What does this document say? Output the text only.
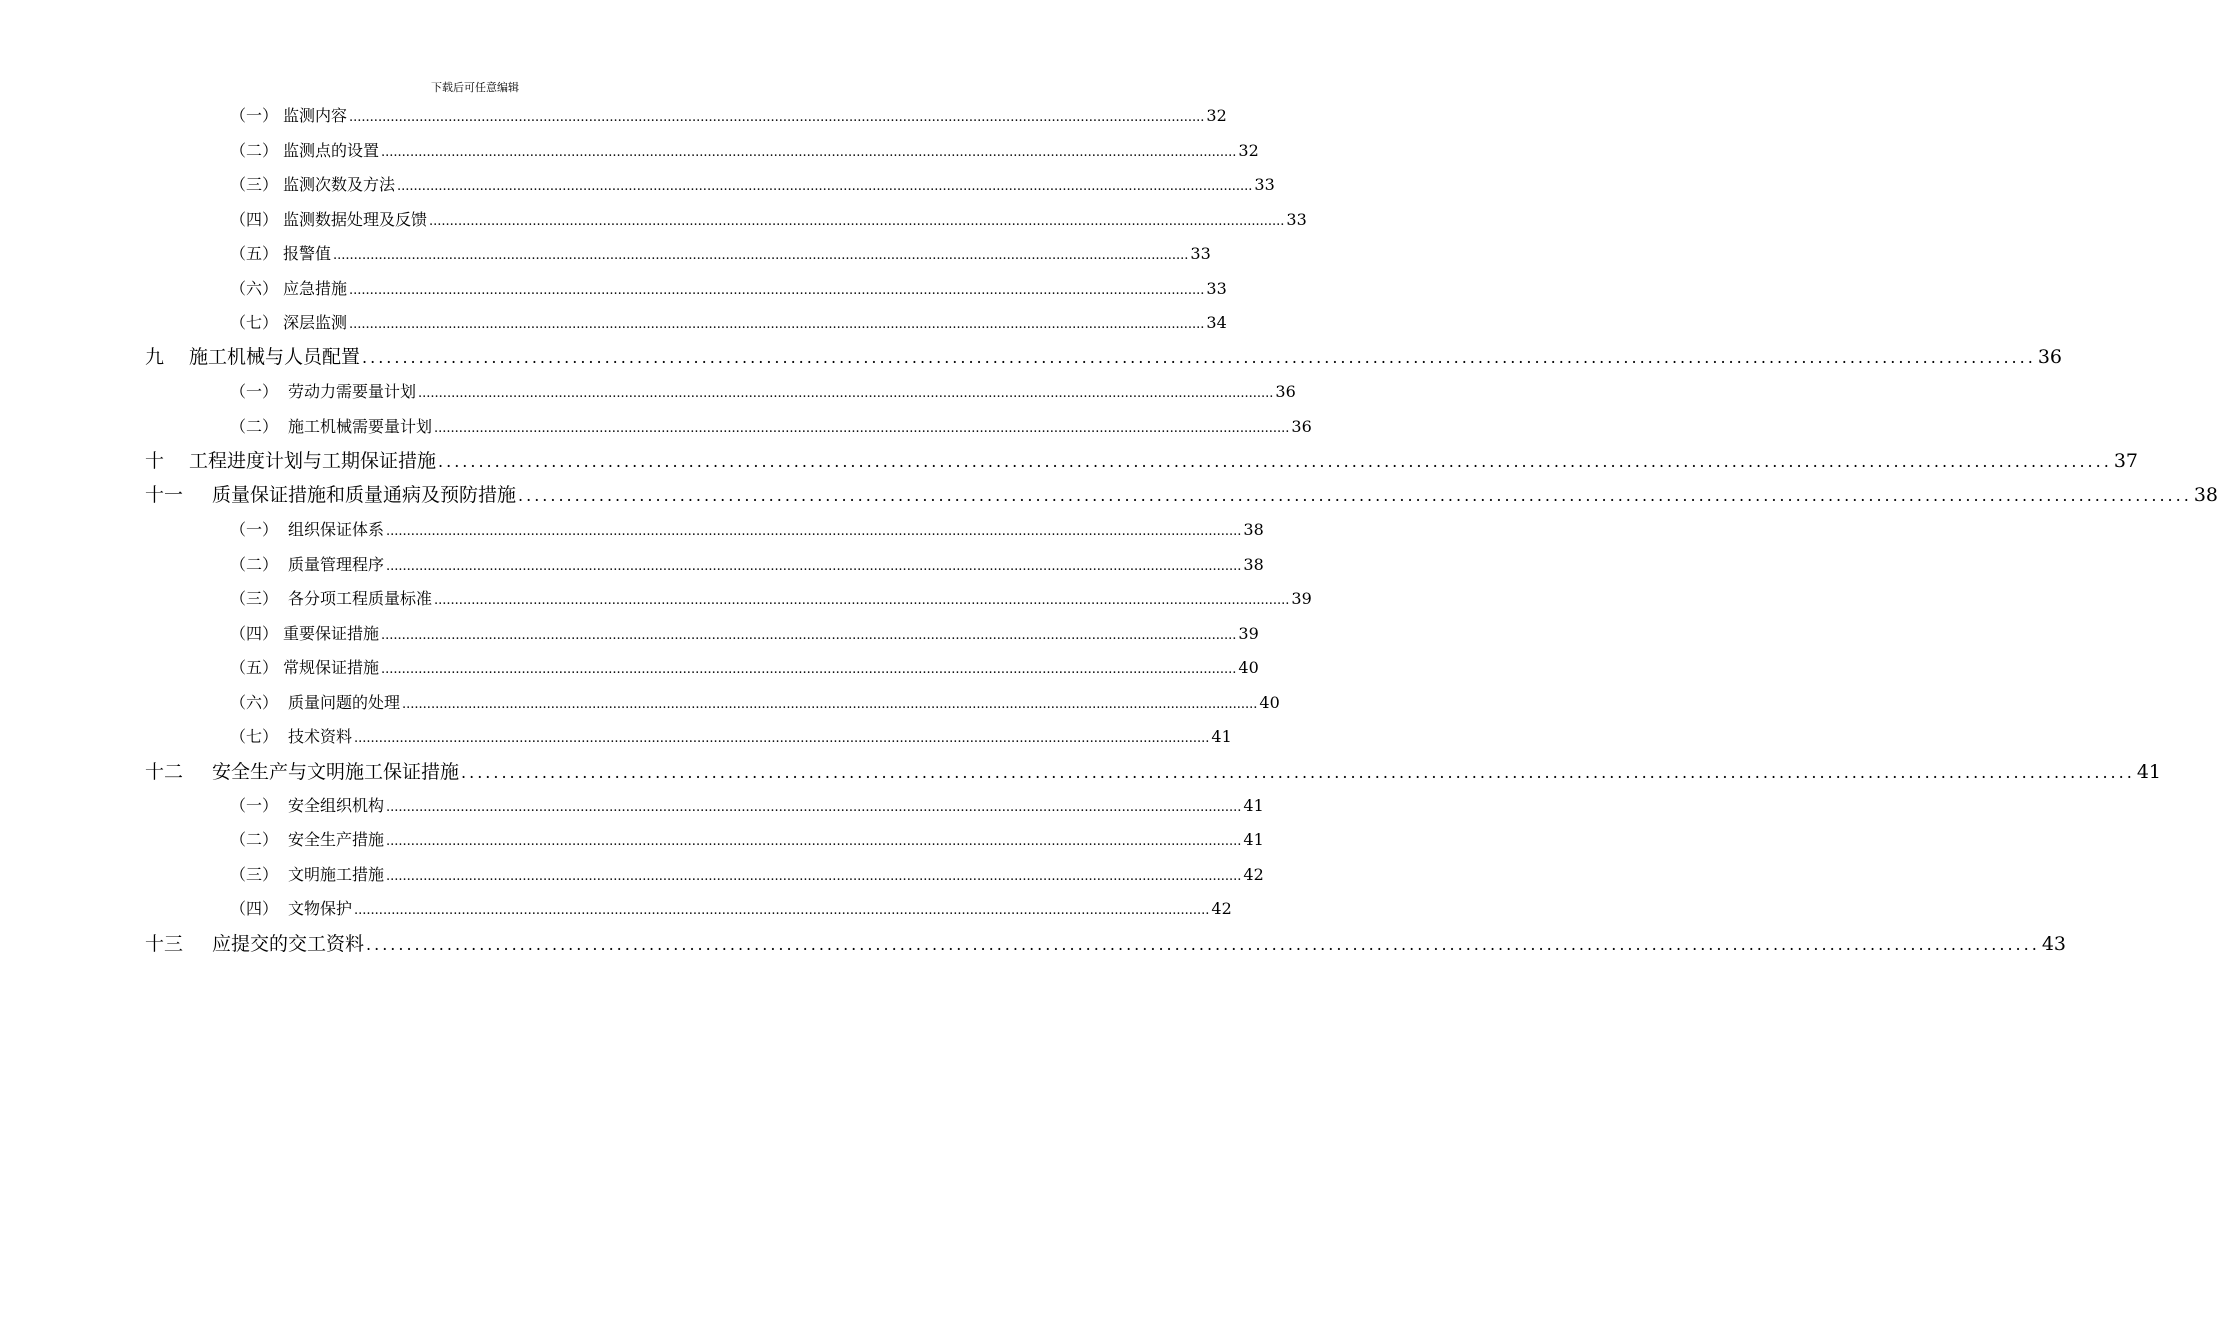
下载后可任意编辑
（一） 监测内容 ............................................................................................................................................................................................................... 32
（二） 监测点的设置 ............................................................................................................................................................................................................... 32
（三） 监测次数及方法 ............................................................................................................................................................................................................... 33
（四） 监测数据处理及反馈 ............................................................................................................................................................................................................... 33
（五） 报警值 ............................................................................................................................................................................................................... 33
（六） 应急措施 ............................................................................................................................................................................................................... 33
（七） 深层监测 ............................................................................................................................................................................................................... 34
九	施工机械与人员配置 ............................................................................................................................................................................................................... 36
（一） 劳动力需要量计划 ............................................................................................................................................................................................................... 36
（二） 施工机械需要量计划 ............................................................................................................................................................................................................... 36
十	工程进度计划与工期保证措施 ............................................................................................................................................................................................................... 37
十一	质量保证措施和质量通病及预防措施 ............................................................................................................................................................................................................... 38
（一） 组织保证体系 ............................................................................................................................................................................................................... 38
（二） 质量管理程序 ............................................................................................................................................................................................................... 38
（三） 各分项工程质量标准 ............................................................................................................................................................................................................... 39
（四） 重要保证措施 ............................................................................................................................................................................................................... 39
（五） 常规保证措施 ............................................................................................................................................................................................................... 40
（六） 质量问题的处理 ............................................................................................................................................................................................................... 40
（七） 技术资料 ............................................................................................................................................................................................................... 41
十二	安全生产与文明施工保证措施 ............................................................................................................................................................................................................... 41
（一） 安全组织机构 ............................................................................................................................................................................................................... 41
（二） 安全生产措施 ............................................................................................................................................................................................................... 41
（三） 文明施工措施 ............................................................................................................................................................................................................... 42
（四） 文物保护 ............................................................................................................................................................................................................... 42
十三	应提交的交工资料 ............................................................................................................................................................................................................... 43
